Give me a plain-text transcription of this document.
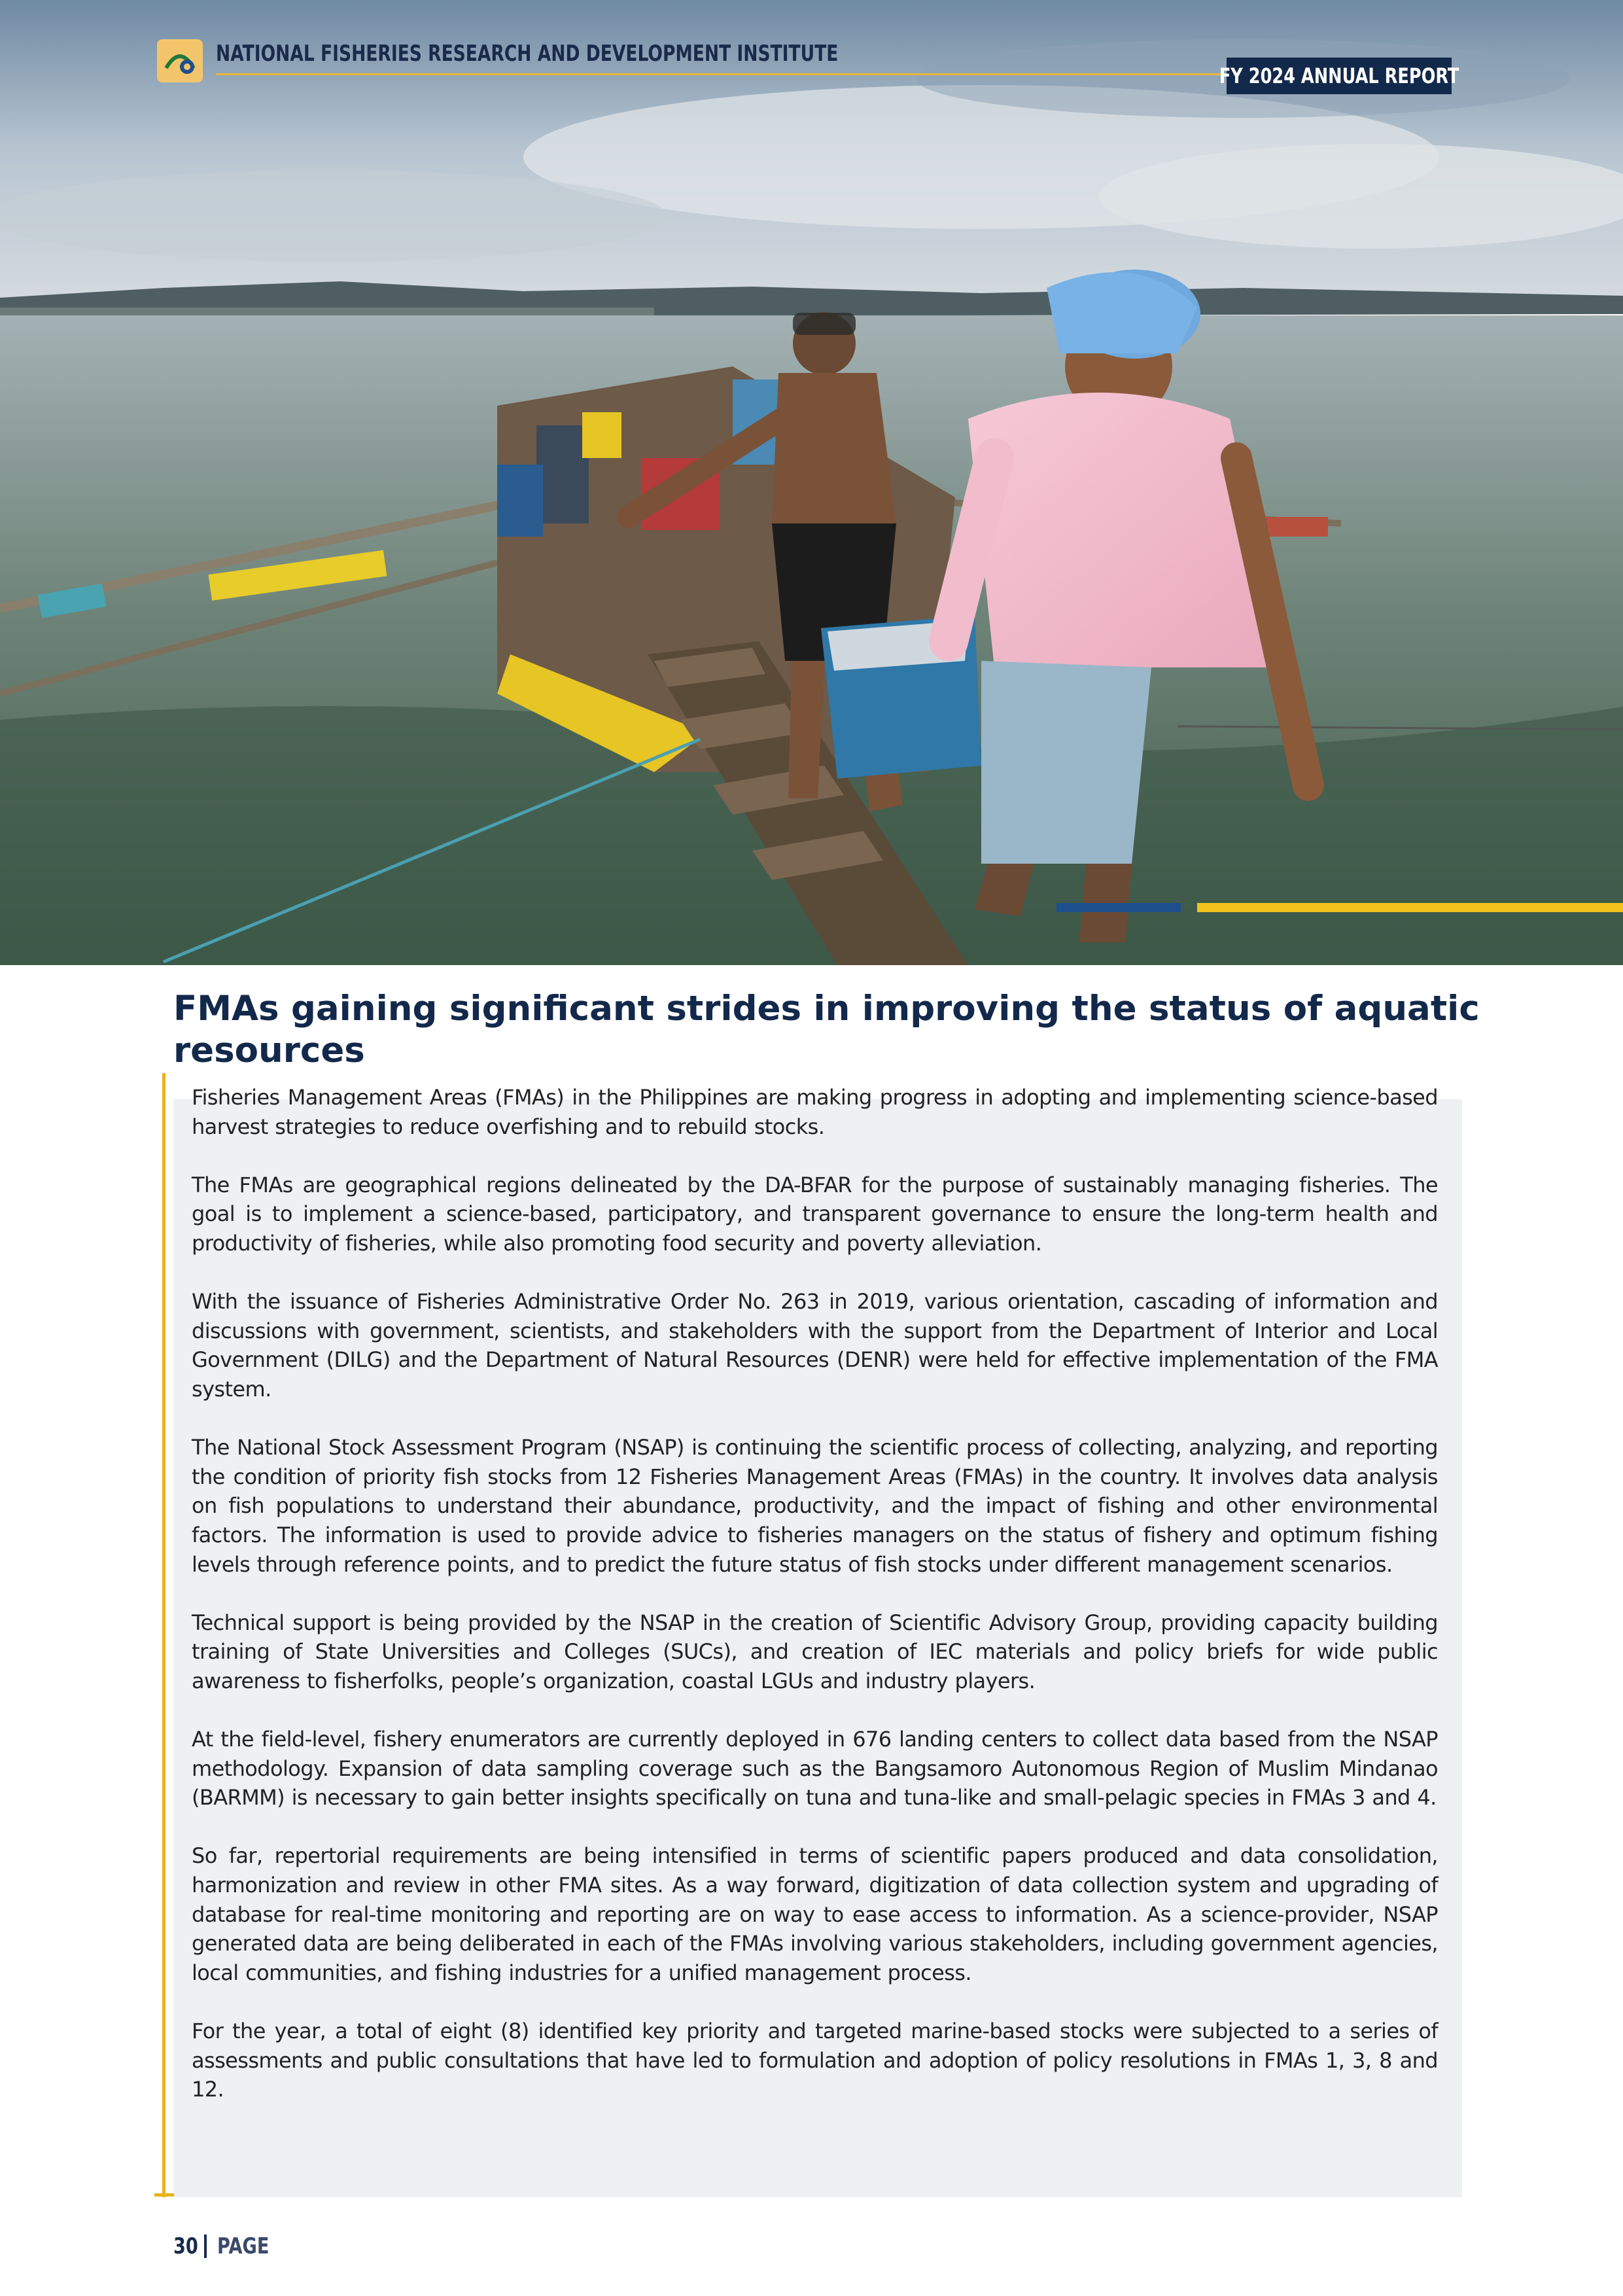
NATIONAL FISHERIES RESEARCH AND DEVELOPMENT INSTITUTE
FY 2024 ANNUAL REPORT
FMAs gaining significant strides in improving the status of aquatic resources

Fisheries Management Areas (FMAs) in the Philippines are making progress in adopting and implementing science-based harvest strategies to reduce overfishing and to rebuild stocks.

The FMAs are geographical regions delineated by the DA-BFAR for the purpose of sustainably managing fisheries. The goal is to implement a science-based, participatory, and transparent governance to ensure the long-term health and productivity of fisheries, while also promoting food security and poverty alleviation.

With the issuance of Fisheries Administrative Order No. 263 in 2019, various orientation, cascading of information and discussions with government, scientists, and stakeholders with the support from the Department of Interior and Local Government (DILG) and the Department of Natural Resources (DENR) were held for effective implementation of the FMA system.

The National Stock Assessment Program (NSAP) is continuing the scientific process of collecting, analyzing, and reporting the condition of priority fish stocks from 12 Fisheries Management Areas (FMAs) in the country. It involves data analysis on fish populations to understand their abundance, productivity, and the impact of fishing and other environmental factors. The information is used to provide advice to fisheries managers on the status of fishery and optimum fishing levels through reference points, and to predict the future status of fish stocks under different management scenarios.

Technical support is being provided by the NSAP in the creation of Scientific Advisory Group, providing capacity building training of State Universities and Colleges (SUCs), and creation of IEC materials and policy briefs for wide public awareness to fisherfolks, people’s organization, coastal LGUs and industry players.

At the field-level, fishery enumerators are currently deployed in 676 landing centers to collect data based from the NSAP methodology. Expansion of data sampling coverage such as the Bangsamoro Autonomous Region of Muslim Mindanao (BARMM) is necessary to gain better insights specifically on tuna and tuna-like and small-pelagic species in FMAs 3 and 4.

So far, repertorial requirements are being intensified in terms of scientific papers produced and data consolidation, harmonization and review in other FMA sites. As a way forward, digitization of data collection system and upgrading of database for real-time monitoring and reporting are on way to ease access to information. As a science-provider, NSAP generated data are being deliberated in each of the FMAs involving various stakeholders, including government agencies, local communities, and fishing industries for a unified management process.

For the year, a total of eight (8) identified key priority and targeted marine-based stocks were subjected to a series of assessments and public consultations that have led to formulation and adoption of policy resolutions in FMAs 1, 3, 8 and 12.

30 PAGE
